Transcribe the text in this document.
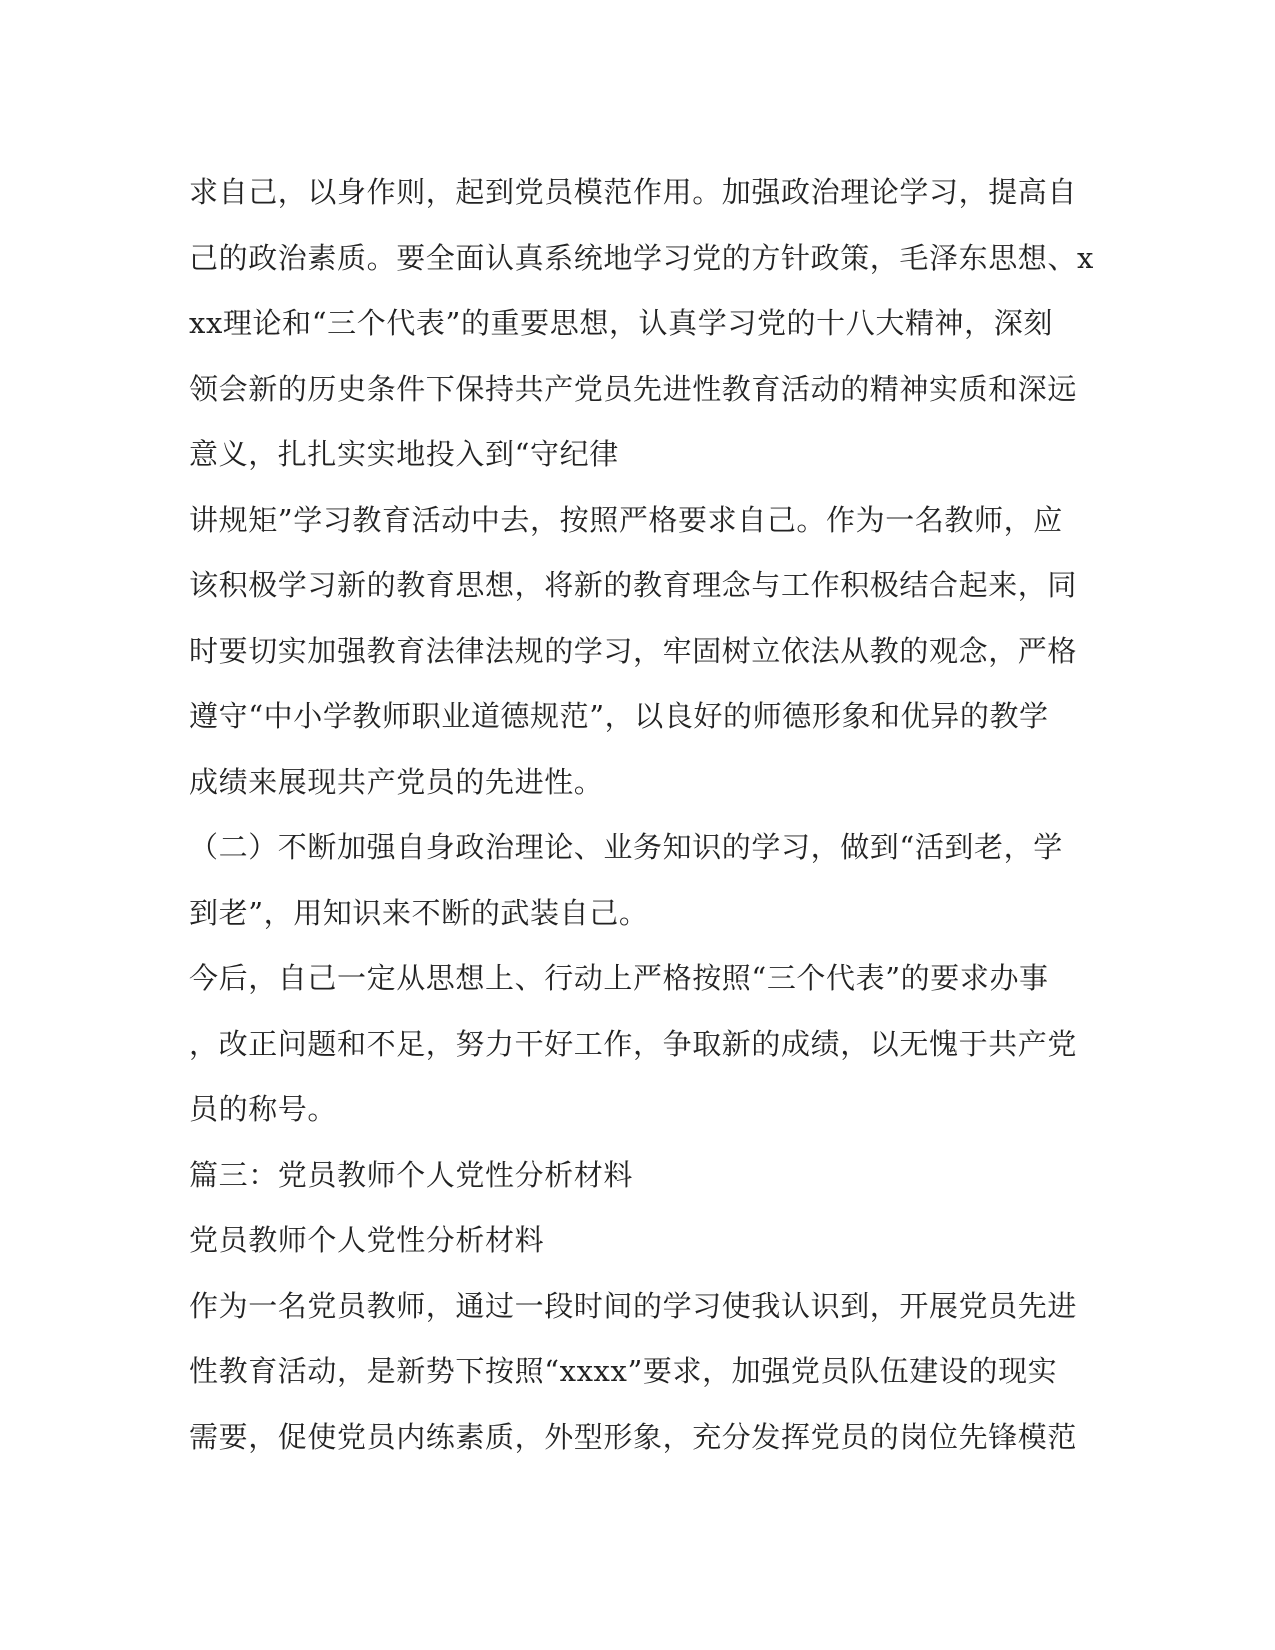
求自己，以身作则，起到党员模范作用。加强政治理论学习，提高自
己的政治素质。要全面认真系统地学习党的方针政策，毛泽东思想、x
xx理论和“三个代表”的重要思想，认真学习党的十八大精神，深刻
领会新的历史条件下保持共产党员先进性教育活动的精神实质和深远
意义，扎扎实实地投入到“守纪律
讲规矩”学习教育活动中去，按照严格要求自己。作为一名教师，应
该积极学习新的教育思想，将新的教育理念与工作积极结合起来，同
时要切实加强教育法律法规的学习，牢固树立依法从教的观念，严格
遵守“中小学教师职业道德规范”，以良好的师德形象和优异的教学
成绩来展现共产党员的先进性。
（二）不断加强自身政治理论、业务知识的学习，做到“活到老，学
到老”，用知识来不断的武装自己。
今后，自己一定从思想上、行动上严格按照“三个代表”的要求办事
，改正问题和不足，努力干好工作，争取新的成绩，以无愧于共产党
员的称号。
篇三：党员教师个人党性分析材料
党员教师个人党性分析材料
作为一名党员教师，通过一段时间的学习使我认识到，开展党员先进
性教育活动，是新势下按照“xxxx”要求，加强党员队伍建设的现实
需要，促使党员内练素质，外型形象，充分发挥党员的岗位先锋模范
